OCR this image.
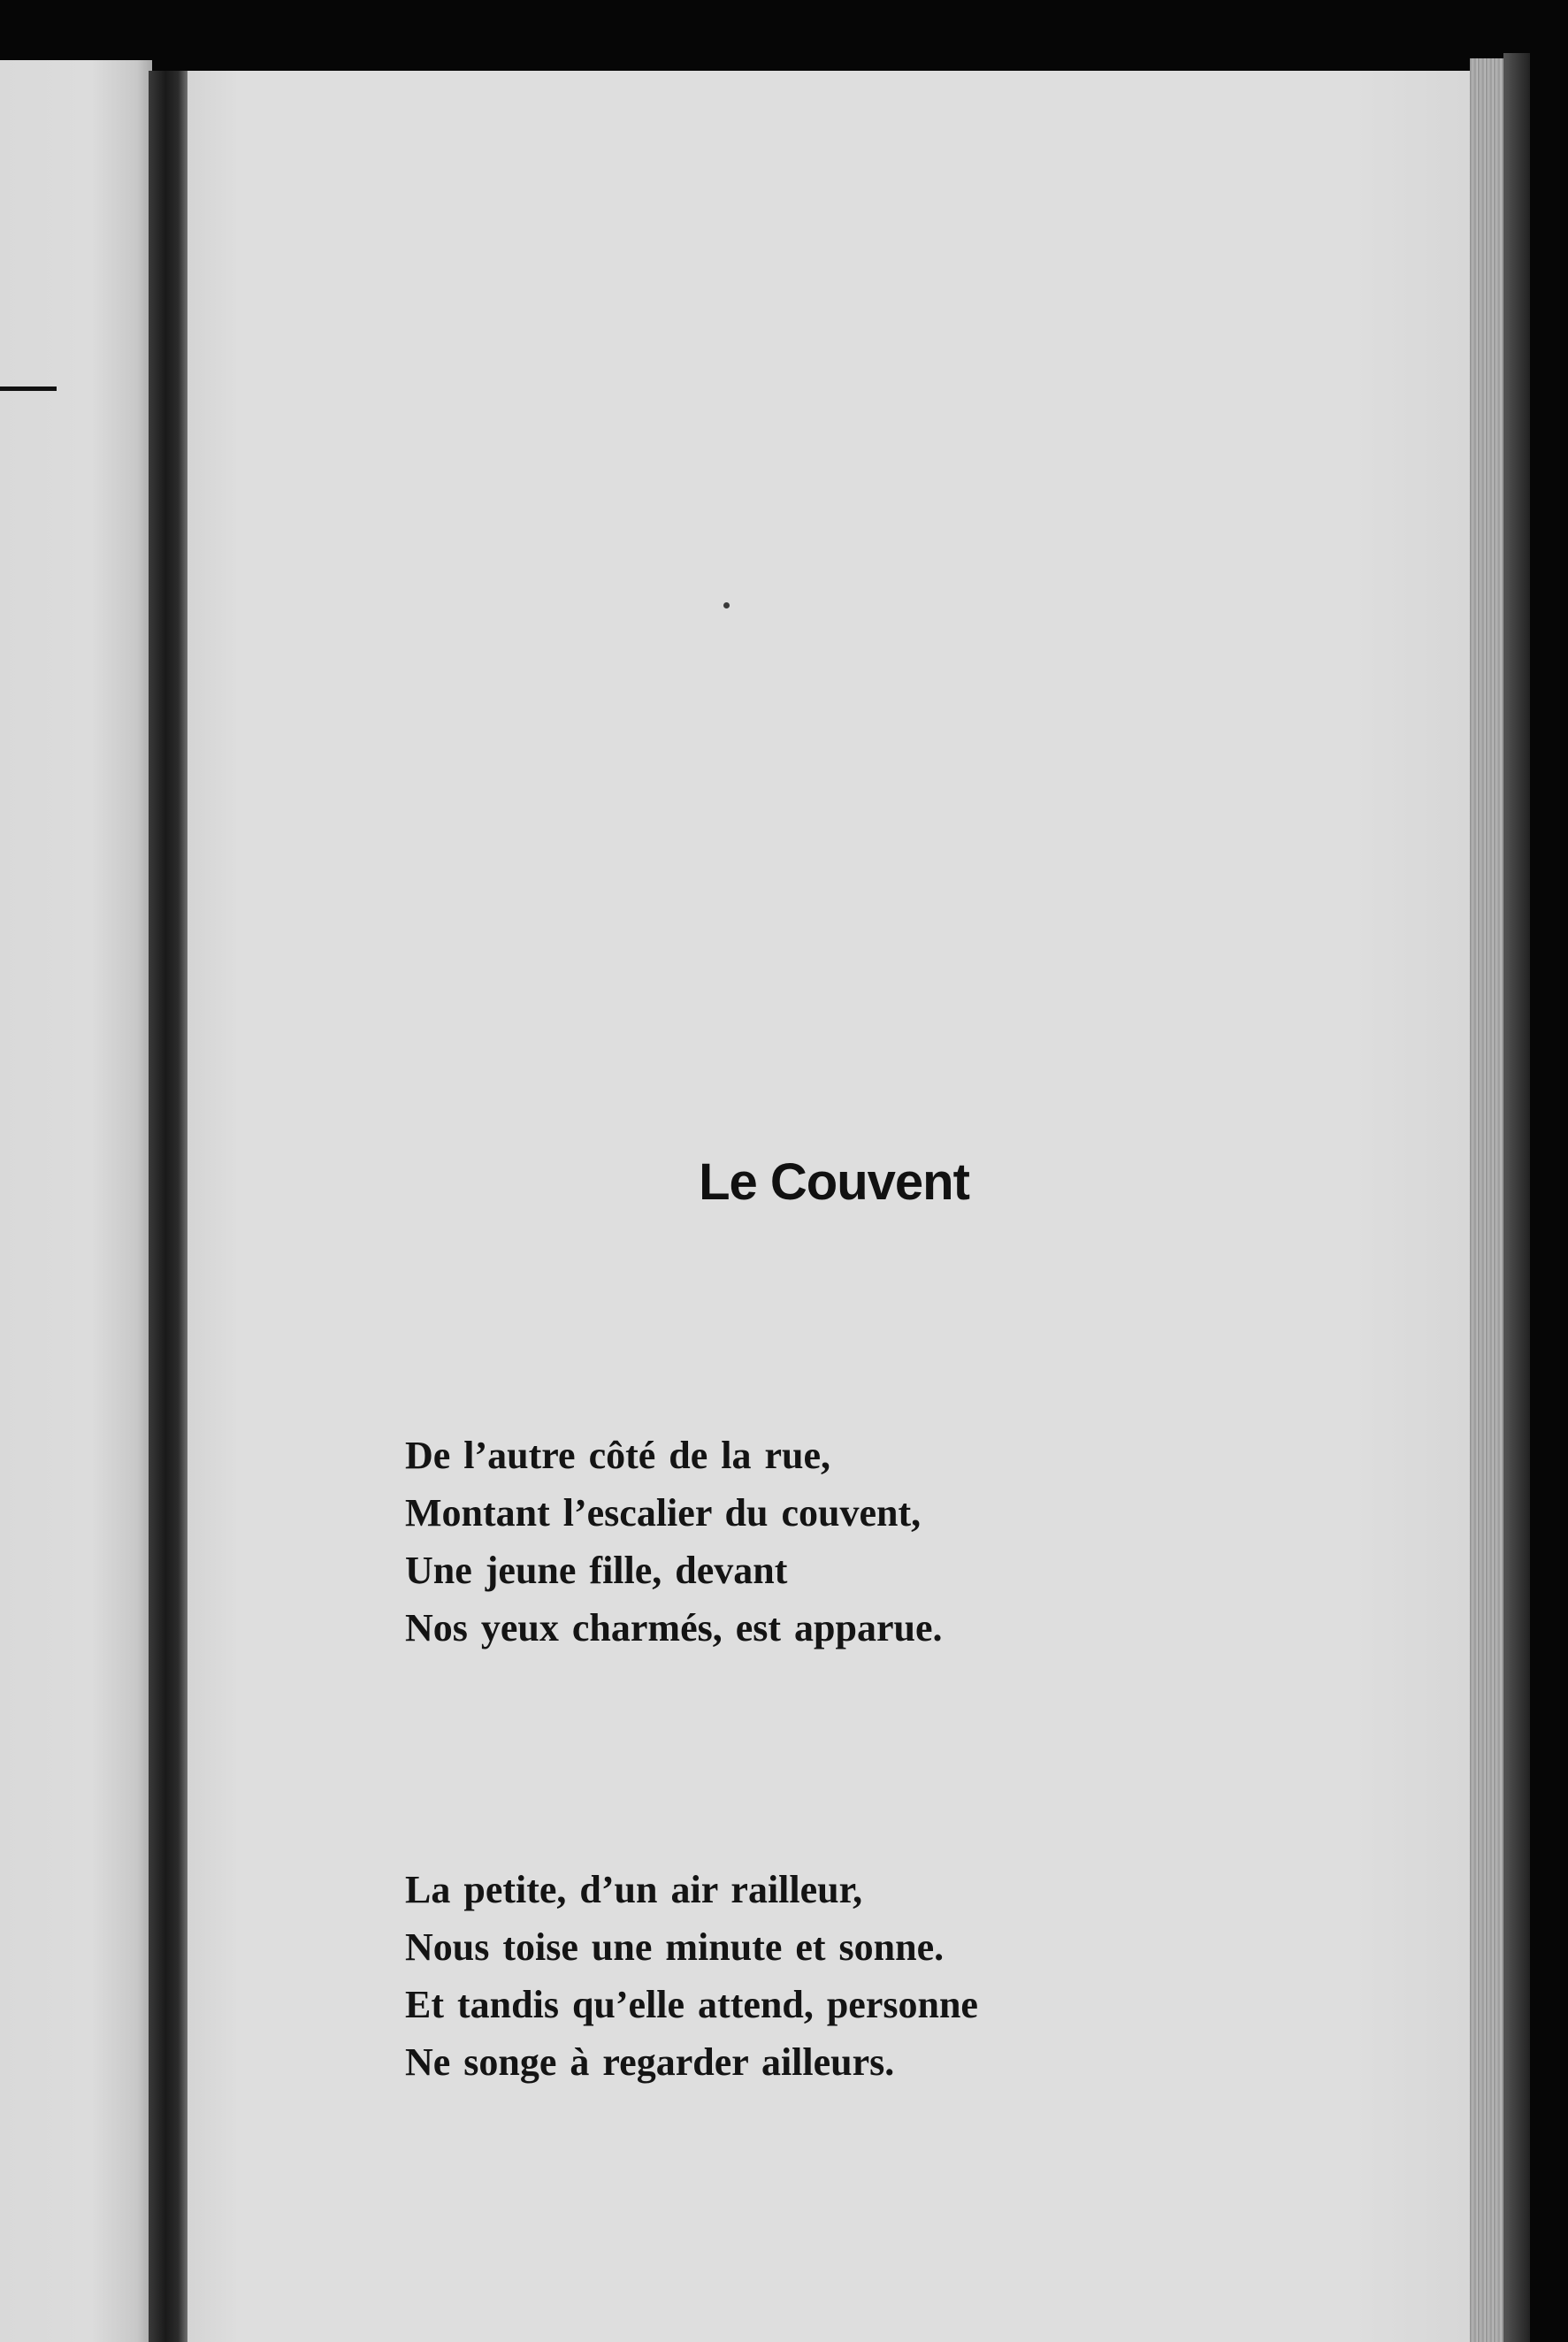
Le Couvent
De l’autre côté de la rue,
Montant l’escalier du couvent,
Une jeune fille, devant
Nos yeux charmés, est apparue.
La petite, d’un air railleur,
Nous toise une minute et sonne.
Et tandis qu’elle attend, personne
Ne songe à regarder ailleurs.
